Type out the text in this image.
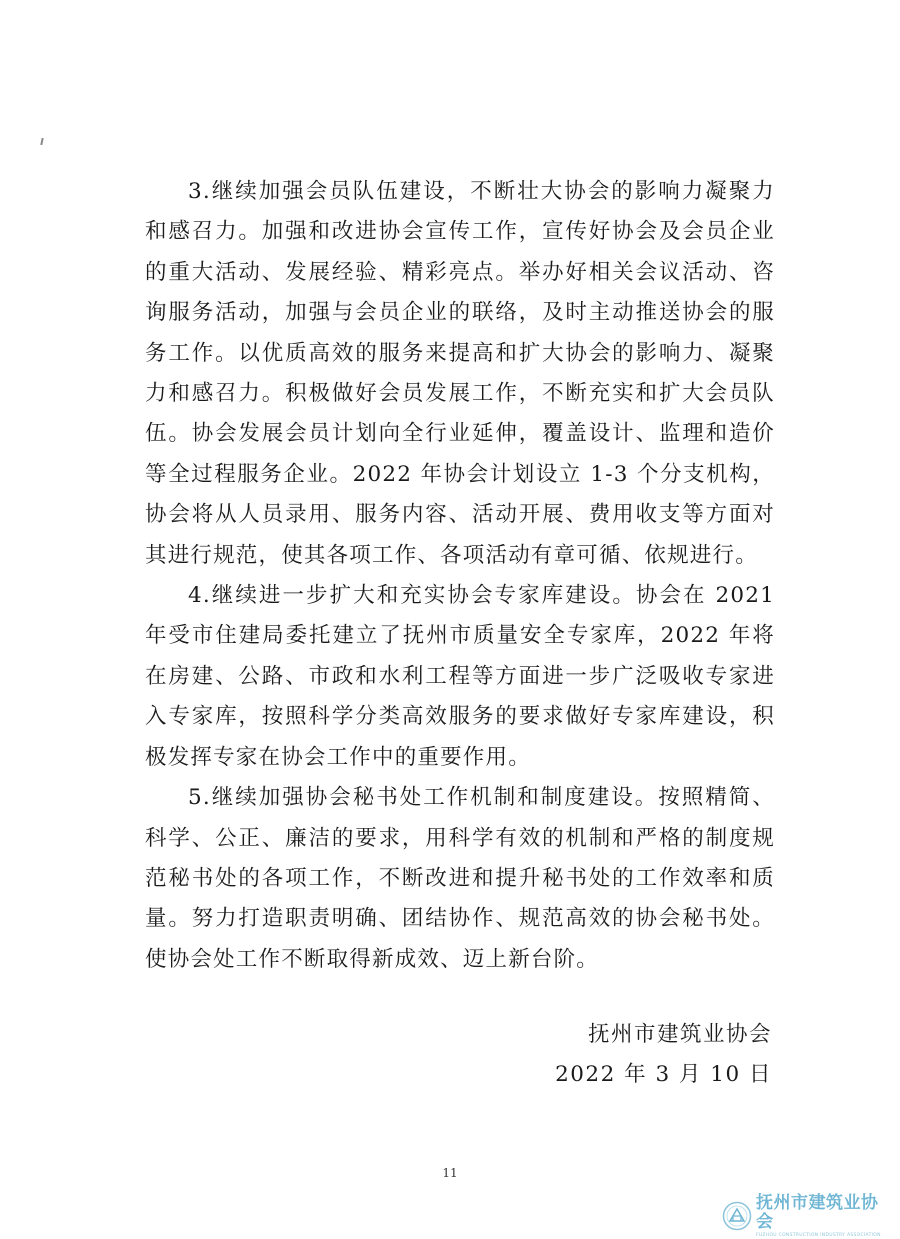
3.继续加强会员队伍建设，不断壮大协会的影响力凝聚力和感召力。加强和改进协会宣传工作，宣传好协会及会员企业的重大活动、发展经验、精彩亮点。举办好相关会议活动、咨询服务活动，加强与会员企业的联络，及时主动推送协会的服务工作。以优质高效的服务来提高和扩大协会的影响力、凝聚力和感召力。积极做好会员发展工作，不断充实和扩大会员队伍。协会发展会员计划向全行业延伸，覆盖设计、监理和造价等全过程服务企业。2022 年协会计划设立 1-3 个分支机构，协会将从人员录用、服务内容、活动开展、费用收支等方面对其进行规范，使其各项工作、各项活动有章可循、依规进行。

4.继续进一步扩大和充实协会专家库建设。协会在 2021 年受市住建局委托建立了抚州市质量安全专家库，2022 年将在房建、公路、市政和水利工程等方面进一步广泛吸收专家进入专家库，按照科学分类高效服务的要求做好专家库建设，积极发挥专家在协会工作中的重要作用。

5.继续加强协会秘书处工作机制和制度建设。按照精简、科学、公正、廉洁的要求，用科学有效的机制和严格的制度规范秘书处的各项工作，不断改进和提升秘书处的工作效率和质量。努力打造职责明确、团结协作、规范高效的协会秘书处。使协会处工作不断取得新成效、迈上新台阶。

抚州市建筑业协会
2022 年 3 月 10 日
11
抚州市建筑业协会
FUZHOU CONSTRUCTION INDUSTRY ASSOCIATION
